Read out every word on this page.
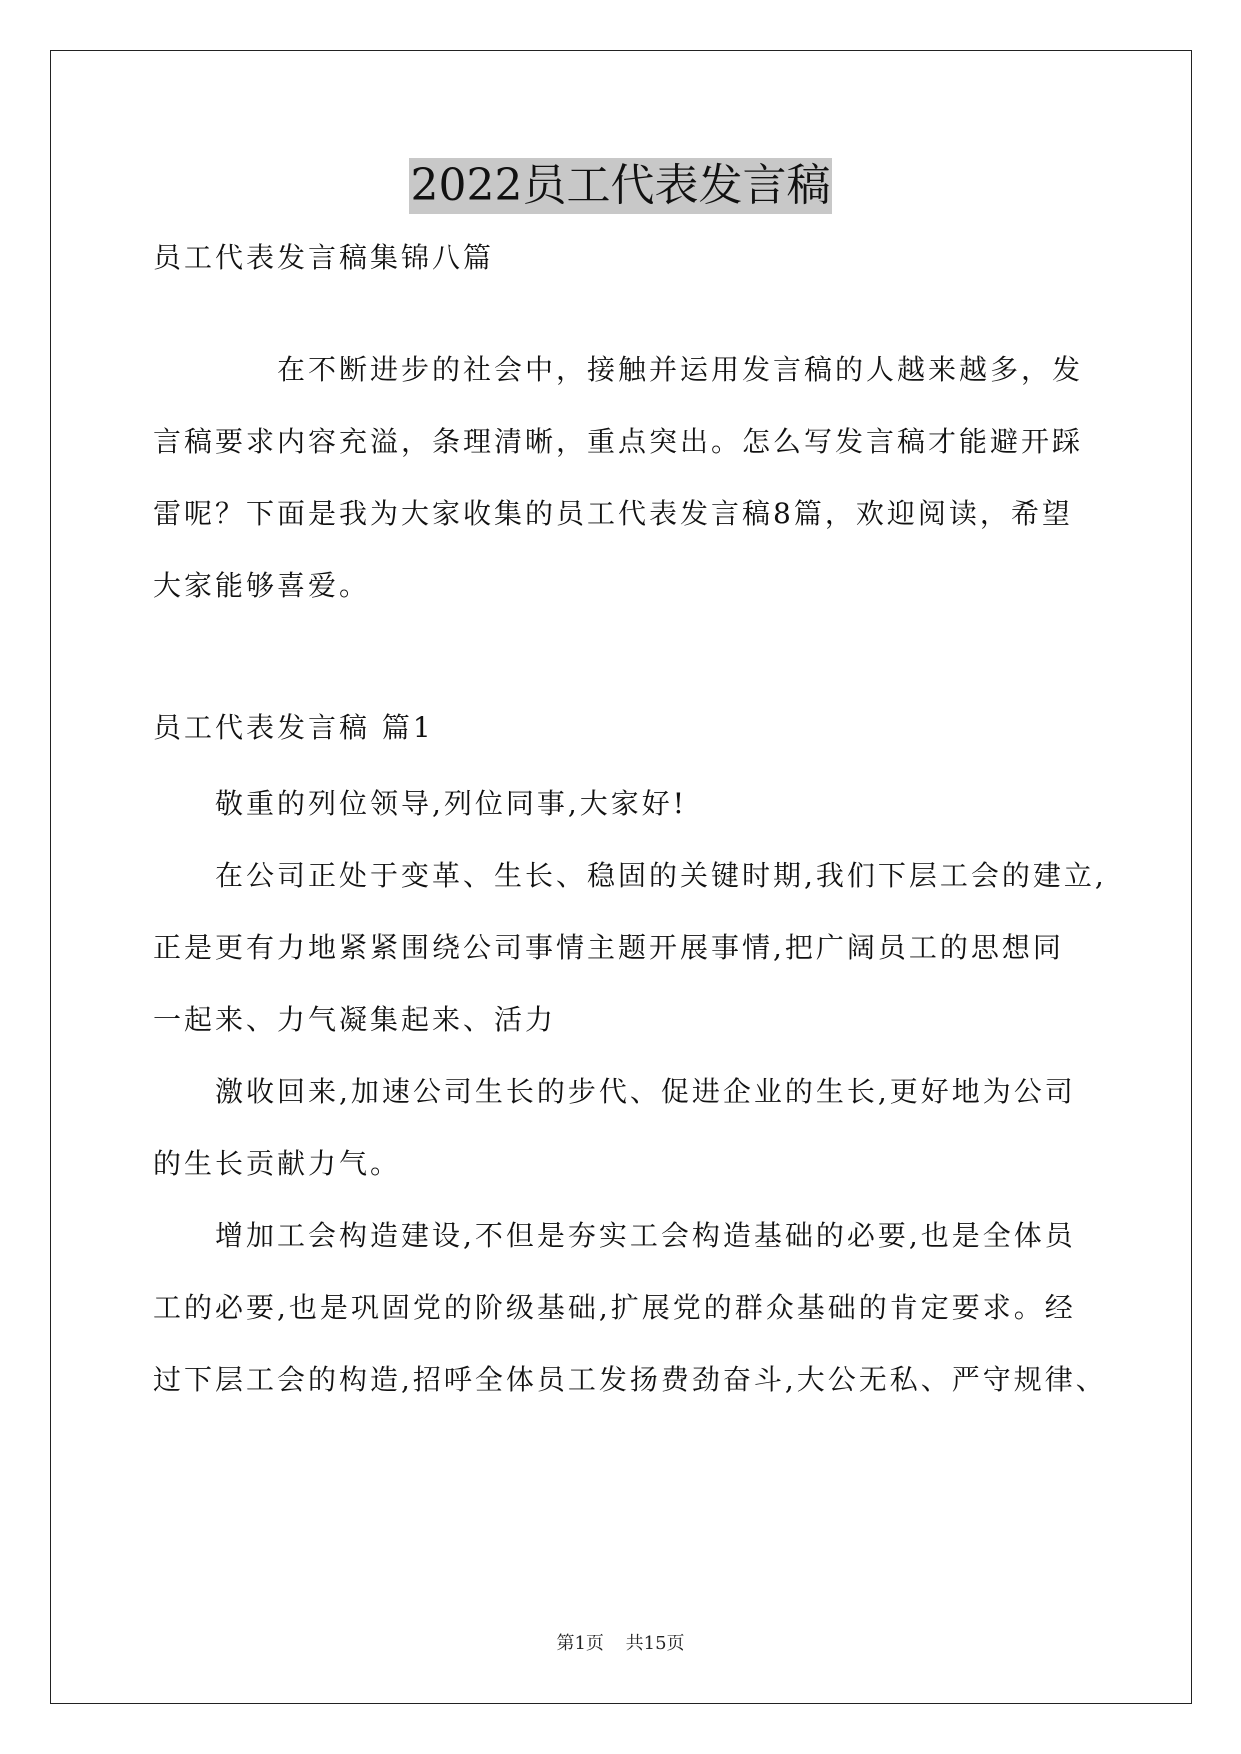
2022员工代表发言稿
员工代表发言稿集锦八篇
　　　　在不断进步的社会中，接触并运用发言稿的人越来越多，发
言稿要求内容充溢，条理清晰，重点突出。怎么写发言稿才能避开踩
雷呢？下面是我为大家收集的员工代表发言稿8篇，欢迎阅读，希望
大家能够喜爱。
员工代表发言稿 篇1
　　敬重的列位领导,列位同事,大家好!
　　在公司正处于变革、生长、稳固的关键时期,我们下层工会的建立,
正是更有力地紧紧围绕公司事情主题开展事情,把广阔员工的思想同
一起来、力气凝集起来、活力
　　激收回来,加速公司生长的步代、促进企业的生长,更好地为公司
的生长贡献力气。
　　增加工会构造建设,不但是夯实工会构造基础的必要,也是全体员
工的必要,也是巩固党的阶级基础,扩展党的群众基础的肯定要求。经
过下层工会的构造,招呼全体员工发扬费劲奋斗,大公无私、严守规律、
第1页 共15页
